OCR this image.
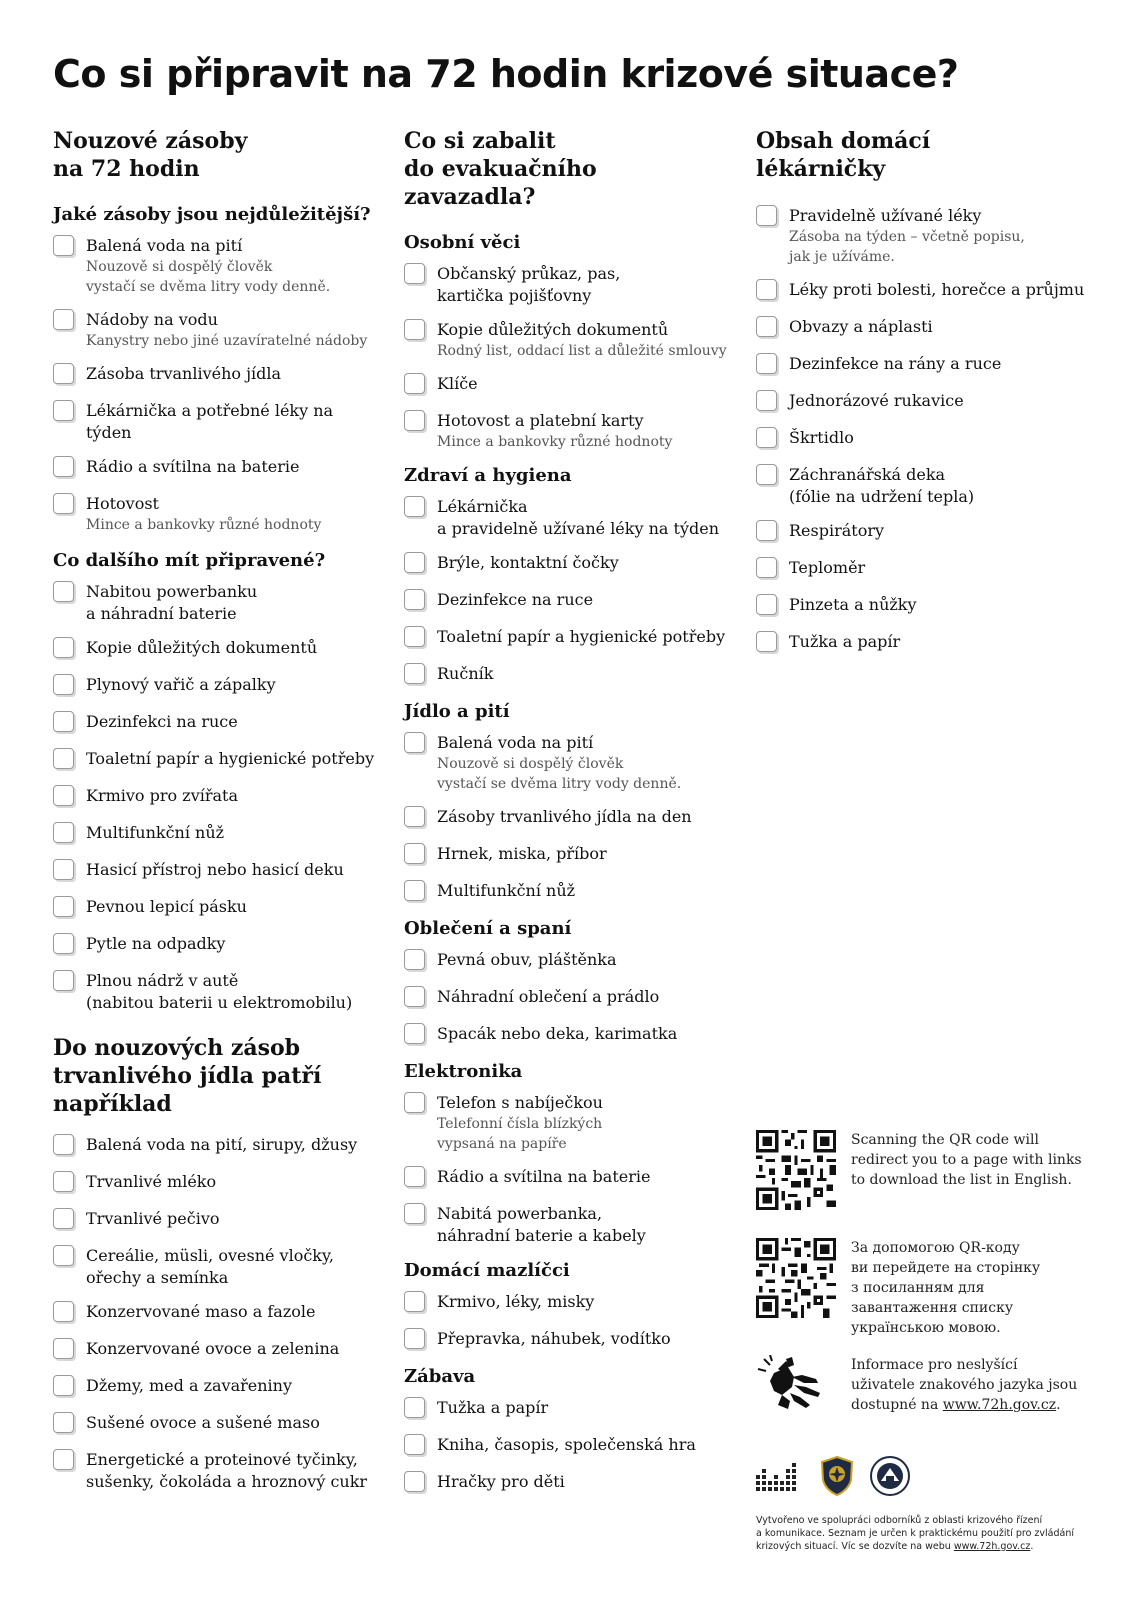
Co si připravit na 72 hodin krizové situace?
Nouzové zásoby
na 72 hodin
Jaké zásoby jsou nejdůležitější?
Balená voda na pití
Nouzově si dospělý člověk
vystačí se dvěma litry vody denně.
Nádoby na vodu
Kanystry nebo jiné uzavíratelné nádoby
Zásoba trvanlivého jídla
Lékárnička a potřebné léky na týden
Rádio a svítilna na baterie
Hotovost
Mince a bankovky různé hodnoty
Co dalšího mít připravené?
Nabitou powerbanku
a náhradní baterie
Kopie důležitých dokumentů
Plynový vařič a zápalky
Dezinfekci na ruce
Toaletní papír a hygienické potřeby
Krmivo pro zvířata
Multifunkční nůž
Hasicí přístroj nebo hasicí deku
Pevnou lepicí pásku
Pytle na odpadky
Plnou nádrž v autě
(nabitou baterii u elektromobilu)
Do nouzových zásob
trvanlivého jídla patří
například
Balená voda na pití, sirupy, džusy
Trvanlivé mléko
Trvanlivé pečivo
Cereálie, müsli, ovesné vločky,
ořechy a semínka
Konzervované maso a fazole
Konzervované ovoce a zelenina
Džemy, med a zavařeniny
Sušené ovoce a sušené maso
Energetické a proteinové tyčinky,
sušenky, čokoláda a hroznový cukr
Co si zabalit
do evakuačního zavazadla?
Osobní věci
Občanský průkaz, pas,
kartička pojišťovny
Kopie důležitých dokumentů
Rodný list, oddací list a důležité smlouvy
Klíče
Hotovost a platební karty
Mince a bankovky různé hodnoty
Zdraví a hygiena
Lékárnička
a pravidelně užívané léky na týden
Brýle, kontaktní čočky
Dezinfekce na ruce
Toaletní papír a hygienické potřeby
Ručník
Jídlo a pití
Balená voda na pití
Nouzově si dospělý člověk
vystačí se dvěma litry vody denně.
Zásoby trvanlivého jídla na den
Hrnek, miska, příbor
Multifunkční nůž
Oblečení a spaní
Pevná obuv, pláštěnka
Náhradní oblečení a prádlo
Spacák nebo deka, karimatka
Elektronika
Telefon s nabíječkou
Telefonní čísla blízkých
vypsaná na papíře
Rádio a svítilna na baterie
Nabitá powerbanka,
náhradní baterie a kabely
Domácí mazlíčci
Krmivo, léky, misky
Přepravka, náhubek, vodítko
Zábava
Tužka a papír
Kniha, časopis, společenská hra
Hračky pro děti
Obsah domácí
lékárničky
Pravidelně užívané léky
Zásoba na týden – včetně popisu,
jak je užíváme.
Léky proti bolesti, horečce a průjmu
Obvazy a náplasti
Dezinfekce na rány a ruce
Jednorázové rukavice
Škrtidlo
Záchranářská deka
(fólie na udržení tepla)
Respirátory
Teploměr
Pinzeta a nůžky
Tužka a papír
Scanning the QR code will
redirect you to a page with links
to download the list in English.
За допомогою QR-коду
ви перейдете на сторінку
з посиланням для
завантаження списку
українською мовою.
Informace pro neslyšící
uživatele znakového jazyka jsou
dostupné na www.72h.gov.cz.
Vytvořeno ve spolupráci odborníků z oblasti krizového řízení
a komunikace. Seznam je určen k praktickému použití pro zvládání
krizových situací. Víc se dozvíte na webu www.72h.gov.cz.
